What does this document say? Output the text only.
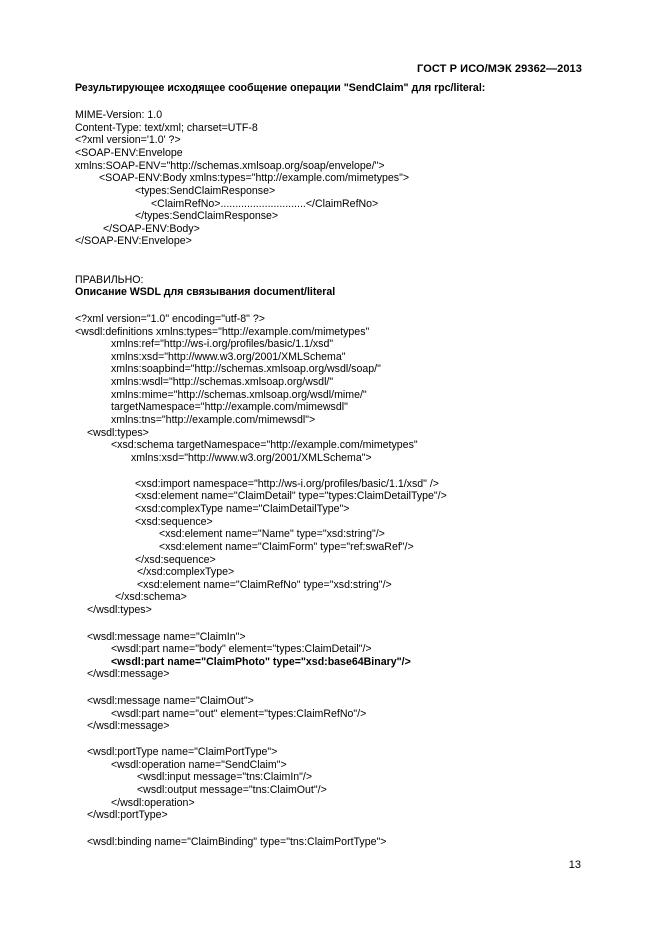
ГОСТ Р ИСО/МЭК 29362—2013
Результирующее исходящее сообщение операции "SendClaim" для rpc/literal:
MIME-Version: 1.0
Content-Type: text/xml; charset=UTF-8
<?xml version='1.0' ?>
<SOAP-ENV:Envelope
xmlns:SOAP-ENV="http://schemas.xmlsoap.org/soap/envelope/">
<SOAP-ENV:Body xmlns:types="http://example.com/mimetypes">
<types:SendClaimResponse>
<ClaimRefNo>.............................</ClaimRefNo>
</types:SendClaimResponse>
</SOAP-ENV:Body>
</SOAP-ENV:Envelope>
ПРАВИЛЬНО:
Описание WSDL для связывания document/literal
<?xml version="1.0" encoding="utf-8" ?>
<wsdl:definitions xmlns:types="http://example.com/mimetypes"
xmlns:ref="http://ws-i.org/profiles/basic/1.1/xsd"
xmlns:xsd="http://www.w3.org/2001/XMLSchema"
xmlns:soapbind="http://schemas.xmlsoap.org/wsdl/soap/"
xmlns:wsdl="http://schemas.xmlsoap.org/wsdl/"
xmlns:mime="http://schemas.xmlsoap.org/wsdl/mime/"
targetNamespace="http://example.com/mimewsdl"
xmlns:tns="http://example.com/mimewsdl">
<wsdl:types>
<xsd:schema targetNamespace="http://example.com/mimetypes"
xmlns:xsd="http://www.w3.org/2001/XMLSchema">
<xsd:import namespace="http://ws-i.org/profiles/basic/1.1/xsd" />
<xsd:element name="ClaimDetail" type="types:ClaimDetailType"/>
<xsd:complexType name="ClaimDetailType">
<xsd:sequence>
<xsd:element name="Name" type="xsd:string"/>
<xsd:element name="ClaimForm" type="ref:swaRef"/>
</xsd:sequence>
</xsd:complexType>
<xsd:element name="ClaimRefNo" type="xsd:string"/>
</xsd:schema>
</wsdl:types>
<wsdl:message name="ClaimIn">
<wsdl:part name="body" element="types:ClaimDetail"/>
<wsdl:part name="ClaimPhoto" type="xsd:base64Binary"/>
</wsdl:message>
<wsdl:message name="ClaimOut">
<wsdl:part name="out" element="types:ClaimRefNo"/>
</wsdl:message>
<wsdl:portType name="ClaimPortType">
<wsdl:operation name="SendClaim">
<wsdl:input message="tns:ClaimIn"/>
<wsdl:output message="tns:ClaimOut"/>
</wsdl:operation>
</wsdl:portType>
<wsdl:binding name="ClaimBinding" type="tns:ClaimPortType">
13
